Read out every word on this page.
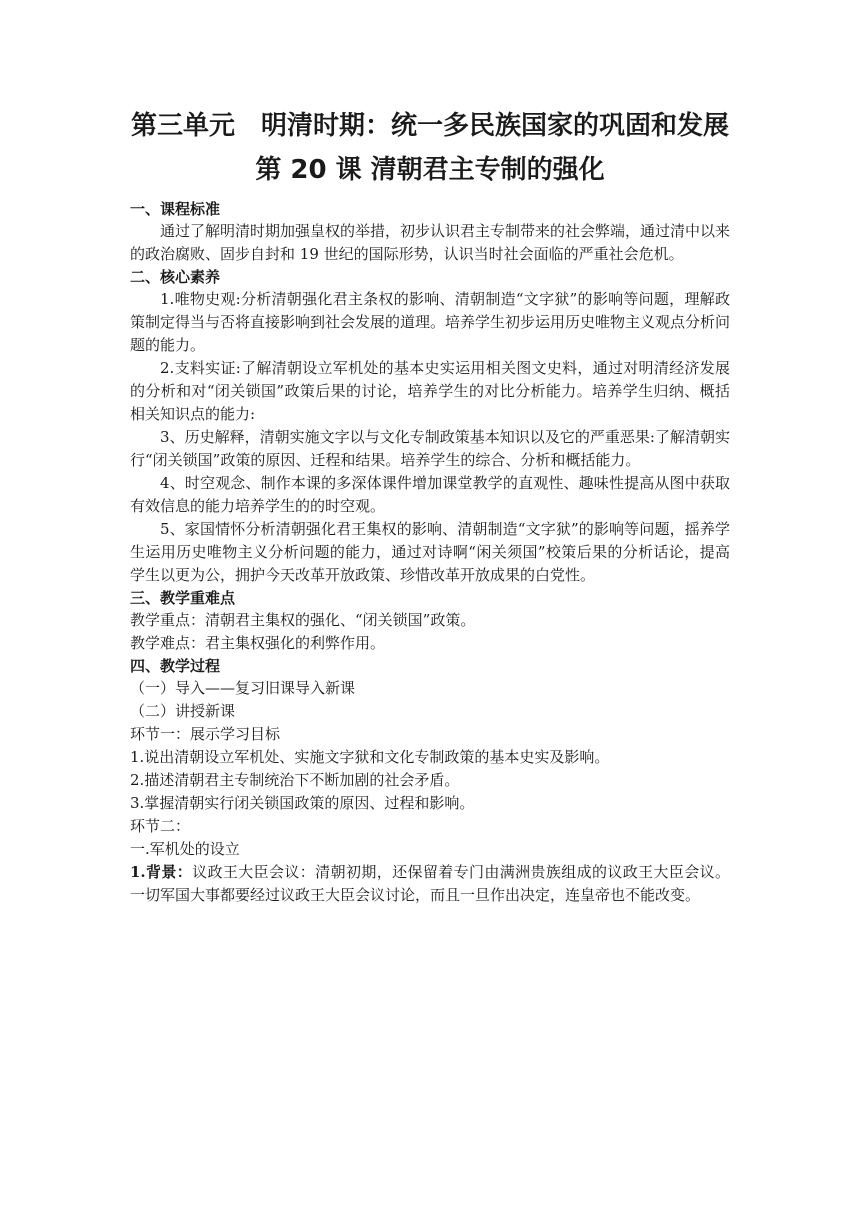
第三单元　明清时期：统一多民族国家的巩固和发展
第 20 课 清朝君主专制的强化
一、课程标准
通过了解明清时期加强皇权的举措，初步认识君主专制带来的社会弊端，通过清中以来的政治腐败、固步自封和 19 世纪的国际形势，认识当时社会面临的严重社会危机。
二、核心素养
1.唯物史观:分析清朝强化君主条权的影响、清朝制造“文字狱”的影响等问题，理解政策制定得当与否将直接影响到社会发展的道理。培养学生初步运用历史唯物主义观点分析问题的能力。
2.支料实证:了解清朝设立军机处的基本史实运用相关图文史料，通过对明清经济发展的分析和对“闭关锁国”政策后果的讨论，培养学生的对比分析能力。培养学生归纳、概括相关知识点的能力:
3、历史解释，清朝实施文字以与文化专制政策基本知识以及它的严重恶果:了解清朝实行“闭关锁国”政策的原因、迁程和结果。培养学生的综合、分析和概括能力。
4、时空观念、制作本课的多深体课件增加课堂教学的直观性、趣味性提高从图中获取有效信息的能力培养学生的的时空观。
5、家国情怀分析清朝强化君王集权的影响、清朝制造“文字狱”的影响等问题，摇养学生运用历史唯物主义分析问题的能力，通过对诗啊“闲关须国”校策后果的分析话论，提高学生以更为公，拥护今天改革开放政策、珍惜改革开放成果的白党性。
三、教学重难点
教学重点：清朝君主集权的强化、“闭关锁国”政策。
教学难点：君主集权强化的利弊作用。
四、教学过程
（一）导入——复习旧课导入新课
（二）讲授新课
环节一：展示学习目标
1.说出清朝设立军机处、实施文字狱和文化专制政策的基本史实及影响。
2.描述清朝君主专制统治下不断加剧的社会矛盾。
3.掌握清朝实行闭关锁国政策的原因、过程和影响。
环节二：
一.军机处的设立
1.背景：议政王大臣会议：清朝初期，还保留着专门由满洲贵族组成的议政王大臣会议。一切军国大事都要经过议政王大臣会议讨论，而且一旦作出决定，连皇帝也不能改变。
